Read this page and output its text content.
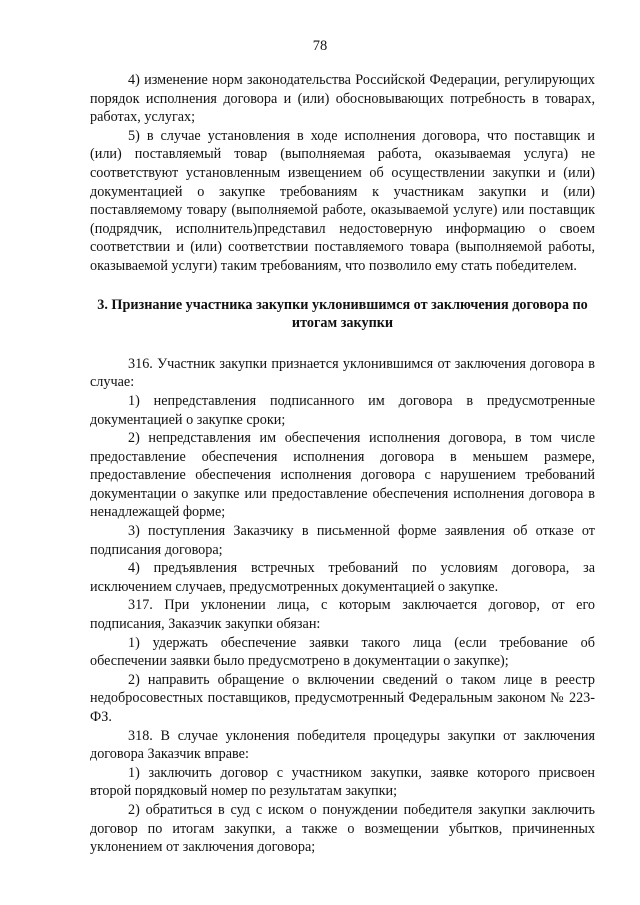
78

4) изменение норм законодательства Российской Федерации, регулирующих порядок исполнения договора и (или) обосновывающих потребность в товарах, работах, услугах;

5) в случае установления в ходе исполнения договора, что поставщик и (или) поставляемый товар (выполняемая работа, оказываемая услуга) не соответствуют установленным извещением об осуществлении закупки и (или) документацией о закупке требованиям к участникам закупки и (или) поставляемому товару (выполняемой работе, оказываемой услуге) или поставщик (подрядчик, исполнитель)представил недостоверную информацию о своем соответствии и (или) соответствии поставляемого товара (выполняемой работы, оказываемой услуги) таким требованиям, что позволило ему стать победителем.

3. Признание участника закупки уклонившимся от заключения договора по итогам закупки

316. Участник закупки признается уклонившимся от заключения договора в случае:

1) непредставления подписанного им договора в предусмотренные документацией о закупке сроки;

2) непредставления им обеспечения исполнения договора, в том числе предоставление обеспечения исполнения договора в меньшем размере, предоставление обеспечения исполнения договора с нарушением требований документации о закупке или предоставление обеспечения исполнения договора в ненадлежащей форме;

3) поступления Заказчику в письменной форме заявления об отказе от подписания договора;

4) предъявления встречных требований по условиям договора, за исключением случаев, предусмотренных документацией о закупке.

317. При уклонении лица, с которым заключается договор, от его подписания, Заказчик закупки обязан:

1) удержать обеспечение заявки такого лица (если требование об обеспечении заявки было предусмотрено в документации о закупке);

2) направить обращение о включении сведений о таком лице в реестр недобросовестных поставщиков, предусмотренный Федеральным законом № 223-ФЗ.

318. В случае уклонения победителя процедуры закупки от заключения договора Заказчик вправе:

1) заключить договор с участником закупки, заявке которого присвоен второй порядковый номер по результатам закупки;

2) обратиться в суд с иском о понуждении победителя закупки заключить договор по итогам закупки, а также о возмещении убытков, причиненных уклонением от заключения договора;
